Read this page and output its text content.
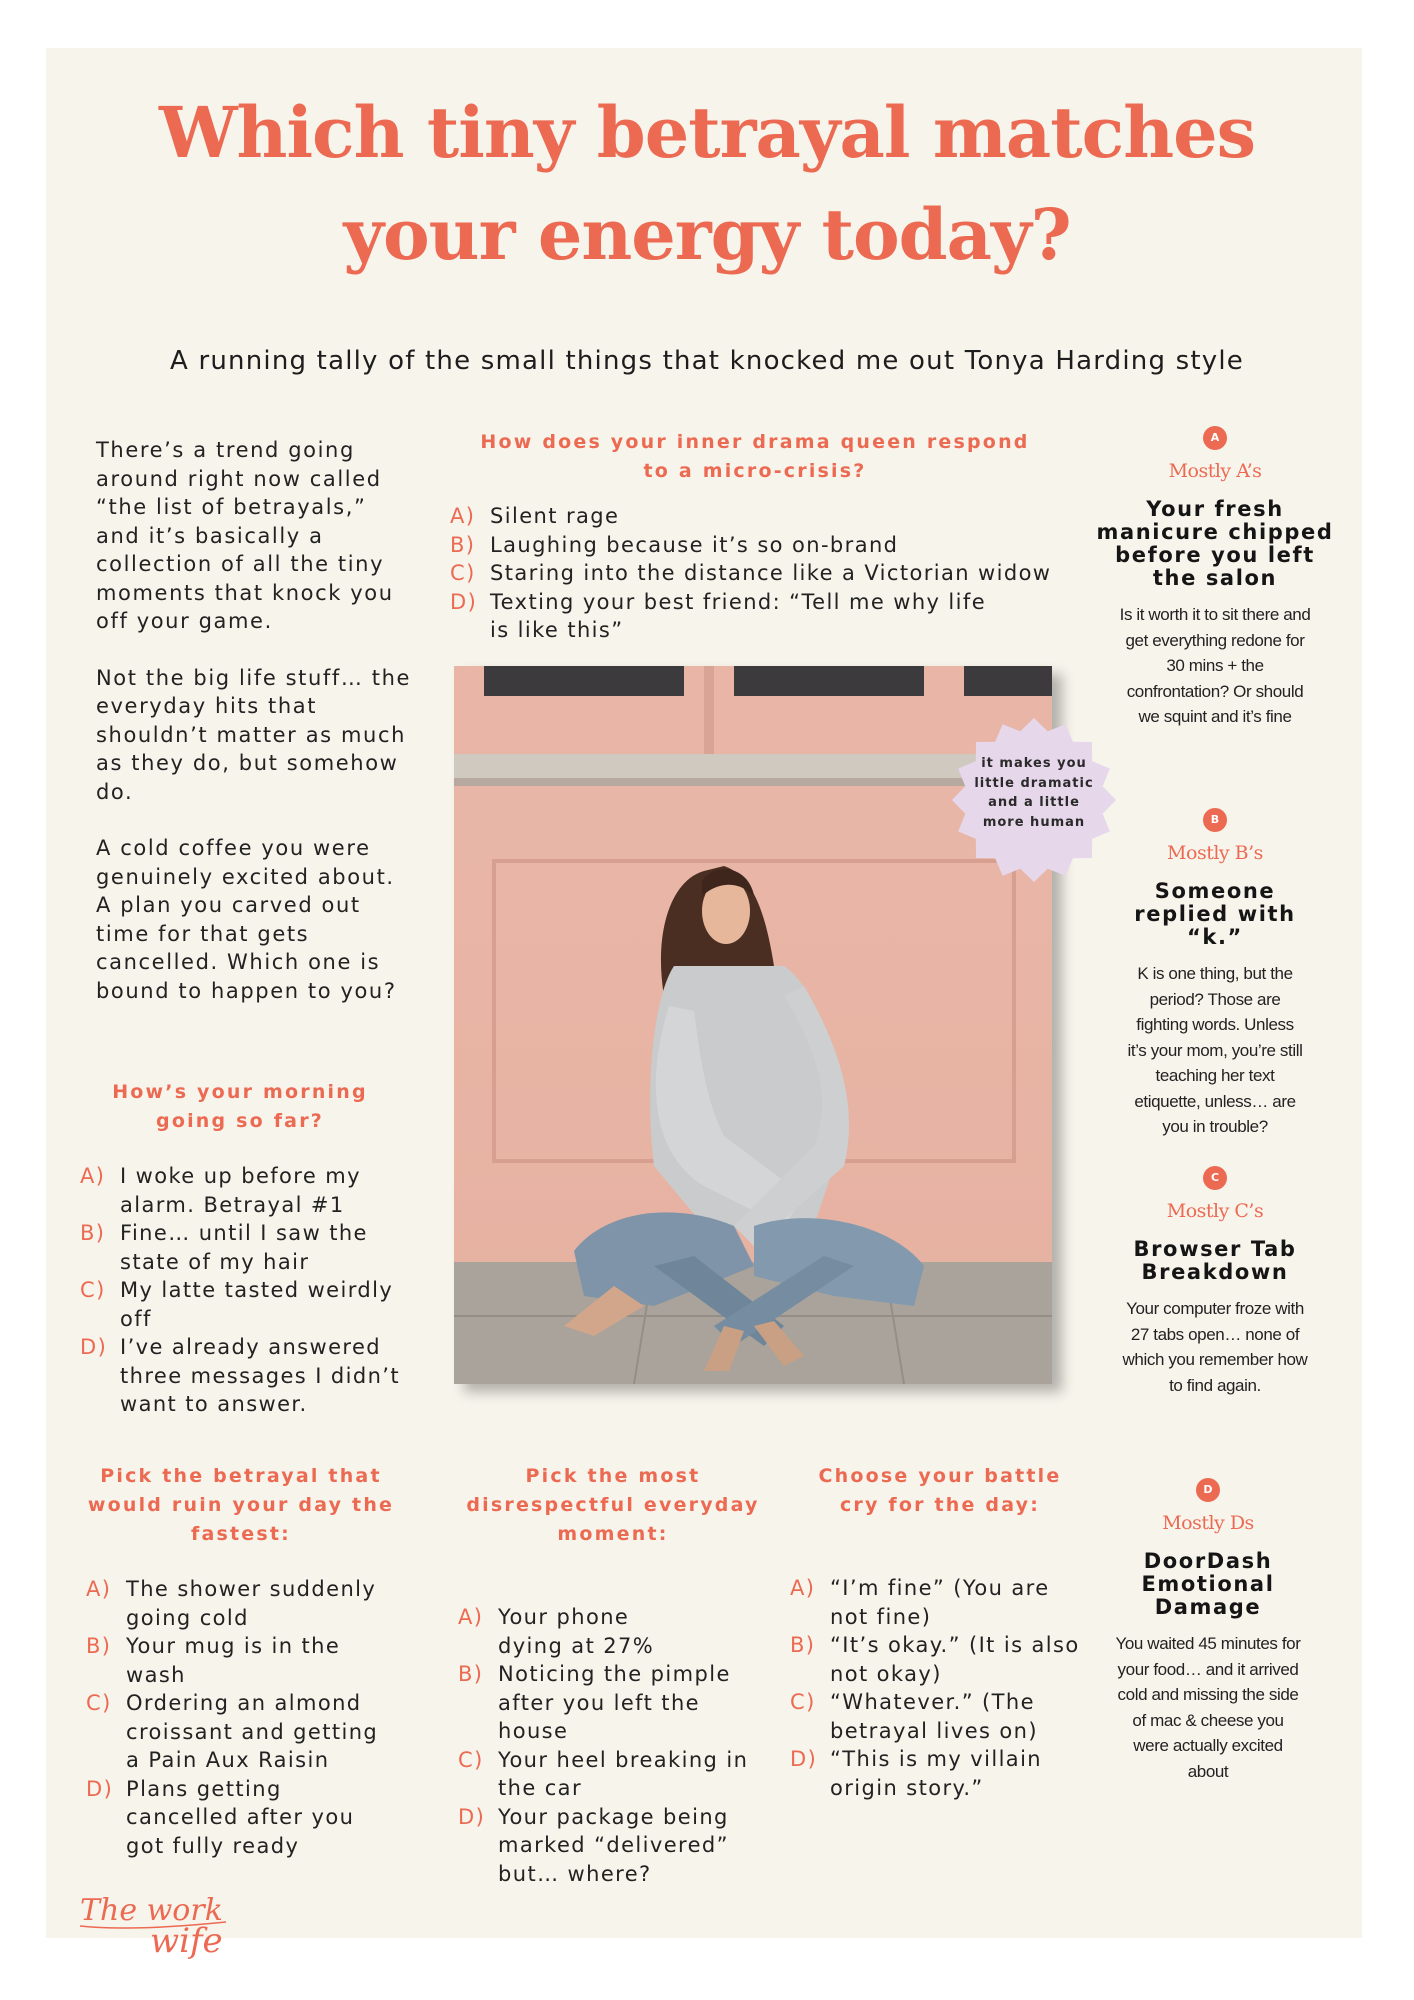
Which tiny betrayal matches
your energy today?
A running tally of the small things that knocked me out Tonya Harding style

There’s a trend going around right now called “the list of betrayals,” and it’s basically a collection of all the tiny moments that knock you off your game.

Not the big life stuff… the everyday hits that shouldn’t matter as much as they do, but somehow do.

A cold coffee you were genuinely excited about. A plan you carved out time for that gets cancelled. Which one is bound to happen to you?

How’s your morning going so far?
A) I woke up before my alarm. Betrayal #1
B) Fine… until I saw the state of my hair
C) My latte tasted weirdly off
D) I’ve already answered three messages I didn’t want to answer.
How does your inner drama queen respond to a micro-crisis?
A) Silent rage
B) Laughing because it’s so on-brand
C) Staring into the distance like a Victorian widow
D) Texting your best friend: “Tell me why life is like this”
it makes you little dramatic and a little more human
A
Mostly A’s
Your fresh manicure chipped before you left the salon
Is it worth it to sit there and get everything redone for 30 mins + the confrontation? Or should we squint and it’s fine
B
Mostly B’s
Someone replied with “k.”
K is one thing, but the period? Those are fighting words. Unless it’s your mom, you’re still teaching her text etiquette, unless… are you in trouble?
C
Mostly C’s
Browser Tab Breakdown
Your computer froze with 27 tabs open… none of which you remember how to find again.
D
Mostly Ds
DoorDash Emotional Damage
You waited 45 minutes for your food… and it arrived cold and missing the side of mac & cheese you were actually excited about
Pick the betrayal that would ruin your day the fastest:
A) The shower suddenly going cold
B) Your mug is in the wash
C) Ordering an almond croissant and getting a Pain Aux Raisin
D) Plans getting cancelled after you got fully ready
Pick the most disrespectful everyday moment:
A) Your phone dying at 27%
B) Noticing the pimple after you left the house
C) Your heel breaking in the car
D) Your package being marked “delivered” but… where?
Choose your battle cry for the day:
A) “I’m fine” (You are not fine)
B) “It’s okay.” (It is also not okay)
C) “Whatever.” (The betrayal lives on)
D) “This is my villain origin story.”
The work
wife
